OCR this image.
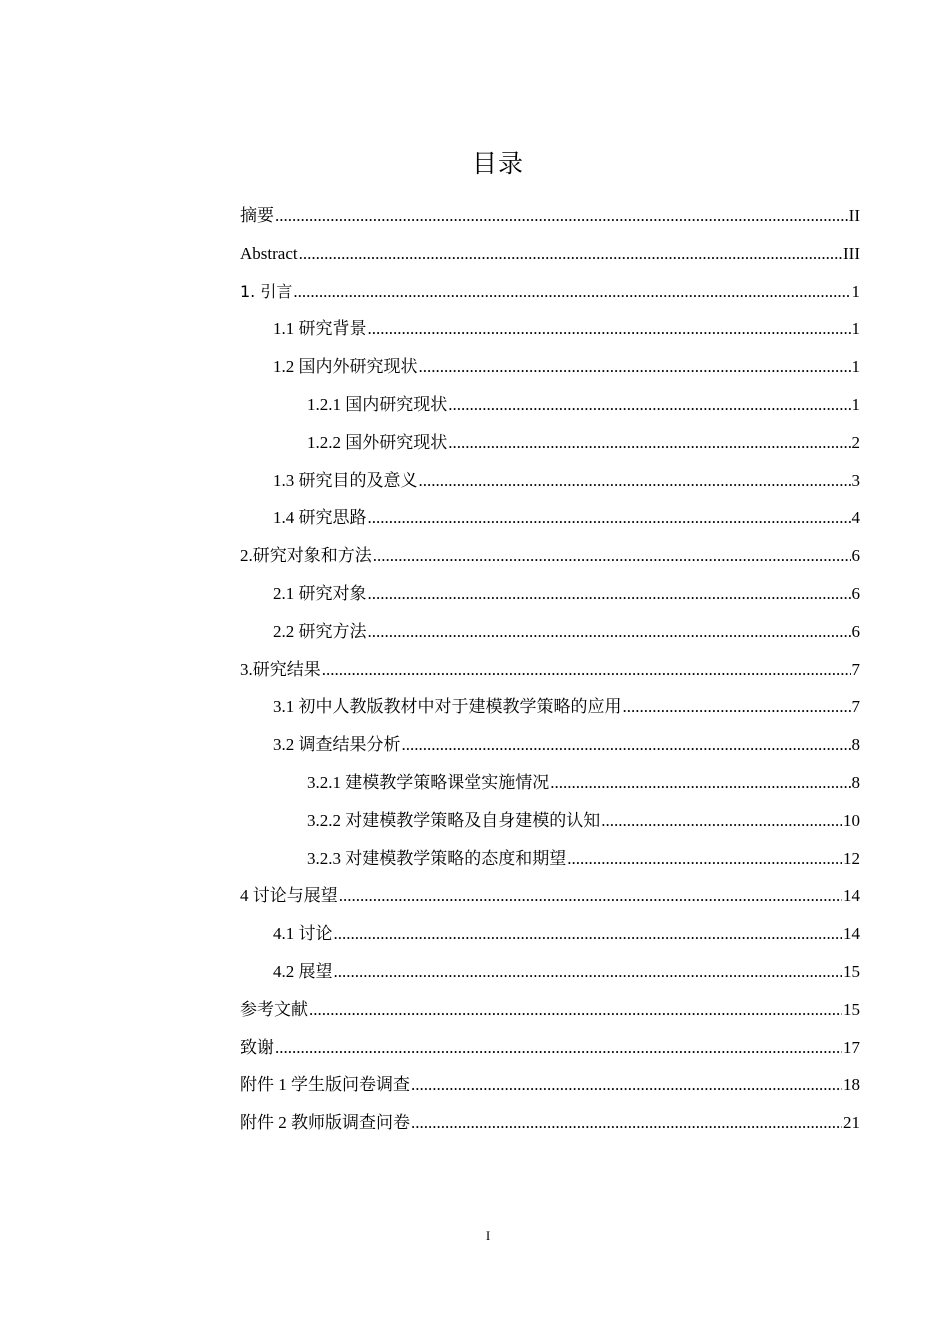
目录
摘要 .....	II
Abstract .....	III
1. 引言 .....	1
1.1 研究背景 .....	1
1.2 国内外研究现状 .....	1
1.2.1 国内研究现状 .....	1
1.2.2 国外研究现状 .....	2
1.3 研究目的及意义 .....	3
1.4 研究思路 .....	4
2.研究对象和方法 .....	6
2.1 研究对象 .....	6
2.2 研究方法 .....	6
3.研究结果 .....	7
3.1 初中人教版教材中对于建模教学策略的应用 .....	7
3.2 调查结果分析 .....	8
3.2.1 建模教学策略课堂实施情况 .....	8
3.2.2 对建模教学策略及自身建模的认知 .....	10
3.2.3 对建模教学策略的态度和期望 .....	12
4 讨论与展望 .....	14
4.1 讨论 .....	14
4.2 展望 .....	15
参考文献 .....	15
致谢 .....	17
附件 1 学生版问卷调查 .....	18
附件 2 教师版调查问卷 .....	21
I
